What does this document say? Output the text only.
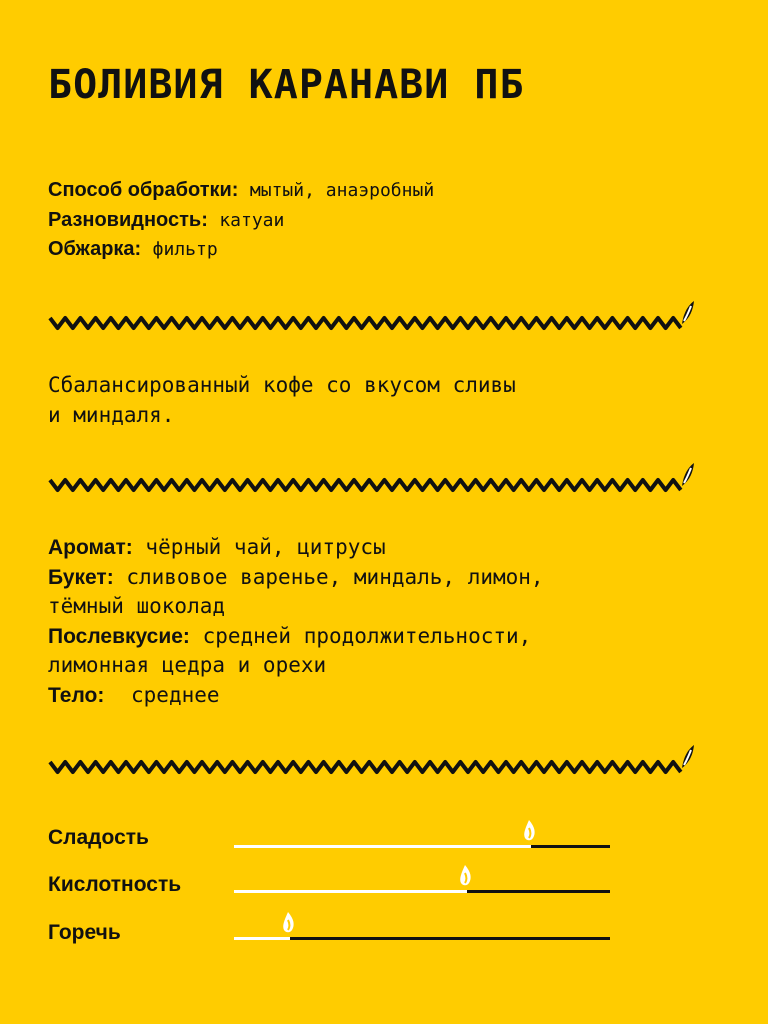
БОЛИВИЯ КАРАНАВИ ПБ
Способ обработки: мытый, анаэробный
Разновидность: катуаи
Обжарка: фильтр
Сбалансированный кофе со вкусом сливы
и миндаля.
Аромат: чёрный чай, цитрусы
Букет: сливовое варенье, миндаль, лимон,
тёмный шоколад
Послевкусие: средней продолжительности,
лимонная цедра и орехи
Тело: среднее
Сладость
Кислотность
Горечь
